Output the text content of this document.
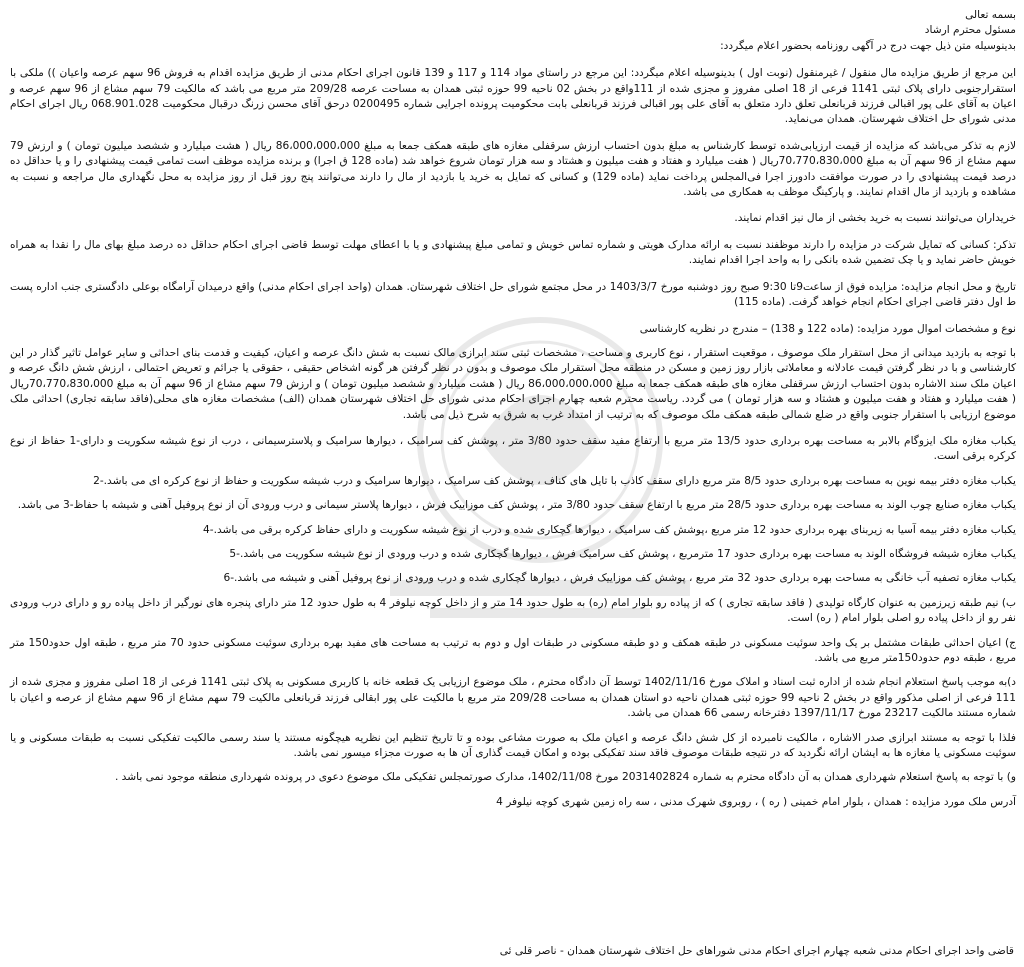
بسمه تعالی
مسئول محترم ارشاد
بدینوسیله متن ذیل جهت درج در آگهی روزنامه بحضور اعلام میگردد:

این مرجع از طریق مزایده مال منقول / غیرمنقول (نوبت اول ) بدینوسیله اعلام میگردد: این مرجع در راستای مواد 114 و 117 و 139 قانون اجرای احکام مدنی از طریق مزایده اقدام به فروش 96 سهم عرصه واعیان )) ملکی با استقرارجنوبی دارای پلاک ثبتی 1141 فرعی از 18 اصلی مفروز و مجزی شده از 111واقع در بخش 02 ناحیه 99 حوزه ثبتی همدان به مساحت عرصه 209/28 متر مربع می باشد که مالکیت 79 سهم مشاع از 96 سهم عرصه و اعیان به آقای علی پور اقبالی فرزند قربانعلی تعلق دارد متعلق به آقای علی پور اقبالی فرزند قربانعلی بابت محکومیت پرونده اجرایی شماره 0200495 درحق آقای محسن زرنگ درقبال محکومیت 068.901.028 ریال اجرای احکام مدنی شورای حل اختلاف شهرستان. همدان می‌نماید.

لازم به تذکر می‌باشد که مزایده از قیمت ارزیابی‌شده توسط کارشناس به مبلغ بدون احتساب ارزش سرقفلی مغازه های طبقه همکف جمعا به مبلغ 86،000،000،000 ریال ( هشت میلیارد و ششصد میلیون تومان ) و ارزش 79 سهم مشاع از 96 سهم آن به مبلغ 70،770،830،000ریال ( هفت میلیارد و هفتاد و هفت میلیون و هشتاد و سه هزار تومان شروع خواهد شد (ماده 128 ق اجرا) و برنده مزایده موظف است تمامی قیمت پیشنهادی را و یا حداقل ده درصد قیمت پیشنهادی را در صورت موافقت دادورز اجرا فی‌المجلس پرداخت نماید (ماده 129) و کسانی که تمایل به خرید یا بازدید از مال را دارند می‌توانند پنج روز قبل از روز مزایده به محل نگهداری مال مراجعه و نسبت به مشاهده و بازدید از مال اقدام نمایند. و پارکینگ موظف به همکاری می باشد.

خریداران می‌توانند نسبت به خرید بخشی از مال نیز اقدام نمایند.

تذکر: کسانی که تمایل شرکت در مزایده را دارند موظفند نسبت به ارائه مدارک هویتی و شماره تماس خویش و تمامی مبلغ پیشنهادی و یا با اعطای مهلت توسط قاضی اجرای احکام حداقل ده درصد مبلغ بهای مال را نقدا به همراه خویش حاضر نماید و یا چک تضمین شده بانکی را به واحد اجرا اقدام نمایند.

تاریخ و محل انجام مزایده: مزایده فوق از ساعت9تا 9:30 صبح روز دوشنبه مورخ 1403/3/7 در محل مجتمع شورای حل اختلاف شهرستان. همدان (واحد اجرای احکام مدنی) واقع درمیدان آرامگاه بوعلی دادگستری جنب اداره پست ط اول دفتر قاضی اجرای احکام انجام خواهد گرفت. (ماده 115)

نوع و مشخصات اموال مورد مزایده: (ماده 122 و 138) – مندرج در نظریه کارشناسی

با توجه به بازدید میدانی از محل استقرار ملک موصوف ، موقعیت استقرار ، نوع کاربری و مساحت ، مشخصات ثبتی سند ابرازی مالک نسبت به شش دانگ عرصه و اعیان، کیفیت و قدمت بنای احداثی و سایر عوامل تاثیر گذار در این کارشناسی و با در نظر گرفتن قیمت عادلانه و معاملاتی بازار روز زمین و مسکن در منطقه محل استقرار ملک موصوف و بدون در نظر گرفتن هر گونه اشخاص حقیقی ، حقوقی یا جرائم و تعریض احتمالی ، ارزش شش دانگ عرصه و اعیان ملک سند الاشاره بدون احتساب ارزش سرقفلی مغازه های طبقه همکف جمعا به مبلغ 86،000،000،000 ریال ( هشت میلیارد و ششصد میلیون تومان ) و ارزش 79 سهم مشاع از 96 سهم آن به مبلغ 70،770،830،000ریال ( هفت میلیارد و هفتاد و هفت میلیون و هشتاد و سه هزار تومان ) می گردد. ریاست محترم شعبه چهارم اجرای احکام مدنی شورای حل اختلاف شهرستان همدان (الف) مشخصات مغازه های محلی(فاقد سابقه تجاری) احداثی ملک موضوع ارزیابی با استقرار جنوبی واقع در ضلع شمالی طبقه همکف ملک موصوف که به ترتیب از امتداد غرب به شرق به شرح ذیل می باشد.

یکباب مغازه ملک ایزوگام بالابر به مساحت بهره برداری حدود 13/5 متر مربع با ارتفاع مفید سقف حدود 3/80 متر ، پوشش کف سرامیک ، دیوارها سرامیک و پلاسترسیمانی ، درب از نوع شیشه سکوریت و دارای-1 حفاظ از نوع کرکره برقی است.

یکباب مغازه دفتر بیمه نوین به مساحت بهره برداری حدود 8/5 متر مربع دارای سقف کاذب با تایل های کناف ، پوشش کف سرامیک ، دیوارها سرامیک و درب شیشه سکوریت و حفاظ از نوع کرکره ای می باشد.-2

یکباب مغازه صنایع چوب الوند به مساحت بهره برداری حدود 28/5 متر مربع با ارتفاع سقف حدود 3/80 متر ، پوشش کف موزاییک فرش ، دیوارها پلاستر سیمانی و درب ورودی آن از نوع پروفیل آهنی و شیشه با حفاظ-3 می باشد.

یکباب مغازه دفتر بیمه آسیا به زیربنای بهره برداری حدود 12 متر مربع ،پوشش کف سرامیک ، دیوارها گچکاری شده و درب از نوع شیشه سکوریت و دارای حفاظ کرکره برقی می باشد.-4

یکباب مغازه شیشه فروشگاه الوند به مساحت بهره برداری حدود 17 مترمربع ، پوشش کف سرامیک فرش ، دیوارها گچکاری شده و درب ورودی از نوع شیشه سکوریت می باشد.-5

یکباب مغازه تصفیه آب خانگی به مساحت بهره برداری حدود 32 متر مربع ، پوشش کف موزاییک فرش ، دیوارها گچکاری شده و درب ورودی از نوع پروفیل آهنی و شیشه می باشد.-6

ب) نیم طبقه زیرزمین به عنوان کارگاه تولیدی ( فاقد سابقه تجاری ) که از پیاده رو بلوار امام (ره) به طول حدود 14 متر و از داخل کوچه نیلوفر 4 به طول حدود 12 متر دارای پنجره های نورگیر از داخل پیاده رو و دارای درب ورودی نفر رو از داخل پیاده رو اصلی بلوار امام ( ره) است.

ج) اعیان احداثی طبقات مشتمل بر یک واحد سوئیت مسکونی در طبقه همکف و دو طبقه مسکونی در طبقات اول و دوم به ترتیب به مساحت های مفید بهره برداری سوئیت مسکونی حدود 70 متر مربع ، طبقه اول حدود150 متر مربع ، طبقه دوم حدود150متر مربع می باشد.

د)به موجب پاسخ استعلام انجام شده از اداره ثبت اسناد و املاک مورخ 1402/11/16 توسط آن دادگاه محترم ، ملک موضوع ارزیابی یک قطعه خانه با کاربری مسکونی به پلاک ثبتی 1141 فرعی از 18 اصلی مفروز و مجزی شده از 111 فرعی از اصلی مذکور واقع در بخش 2 ناحیه 99 حوزه ثبتی همدان ناحیه دو استان همدان به مساحت 209/28 متر مربع با مالکیت علی پور ابقالی فرزند قربانعلی مالکیت 79 سهم مشاع از 96 سهم مشاع از عرصه و اعیان با شماره مستند مالکیت 23217 مورخ 1397/11/17 دفترخانه رسمی 66 همدان می باشد.

فلذا با توجه به مستند ابرازی صدر الاشاره ، مالکیت نامبرده از کل شش دانگ عرصه و اعیان ملک به صورت مشاعی بوده و تا تاریخ تنظیم این نظریه هیچگونه مستند یا سند رسمی مالکیت تفکیکی نسبت به طبقات مسکونی و یا سوئیت مسکونی یا مغازه ها به ایشان ارائه نگردید که در نتیجه طبقات موصوف فاقد سند تفکیکی بوده و امکان قیمت گذاری آن ها به صورت مجزاء میسور نمی باشد.

و) با توجه به پاسخ استعلام شهرداری همدان به آن دادگاه محترم به شماره 2031402824 مورخ 1402/11/08، مدارک صورتمجلس تفکیکی ملک موضوع دعوی در پرونده شهرداری منطقه موجود نمی باشد .

آدرس ملک مورد مزایده : همدان ، بلوار امام خمینی ( ره ) ، روبروی شهرک مدنی ، سه راه زمین شهری کوچه نیلوفر 4

قاضی واحد اجرای احکام مدنی شعبه چهارم اجرای احکام مدنی شوراهای حل اختلاف شهرستان همدان - ناصر قلی ئی
